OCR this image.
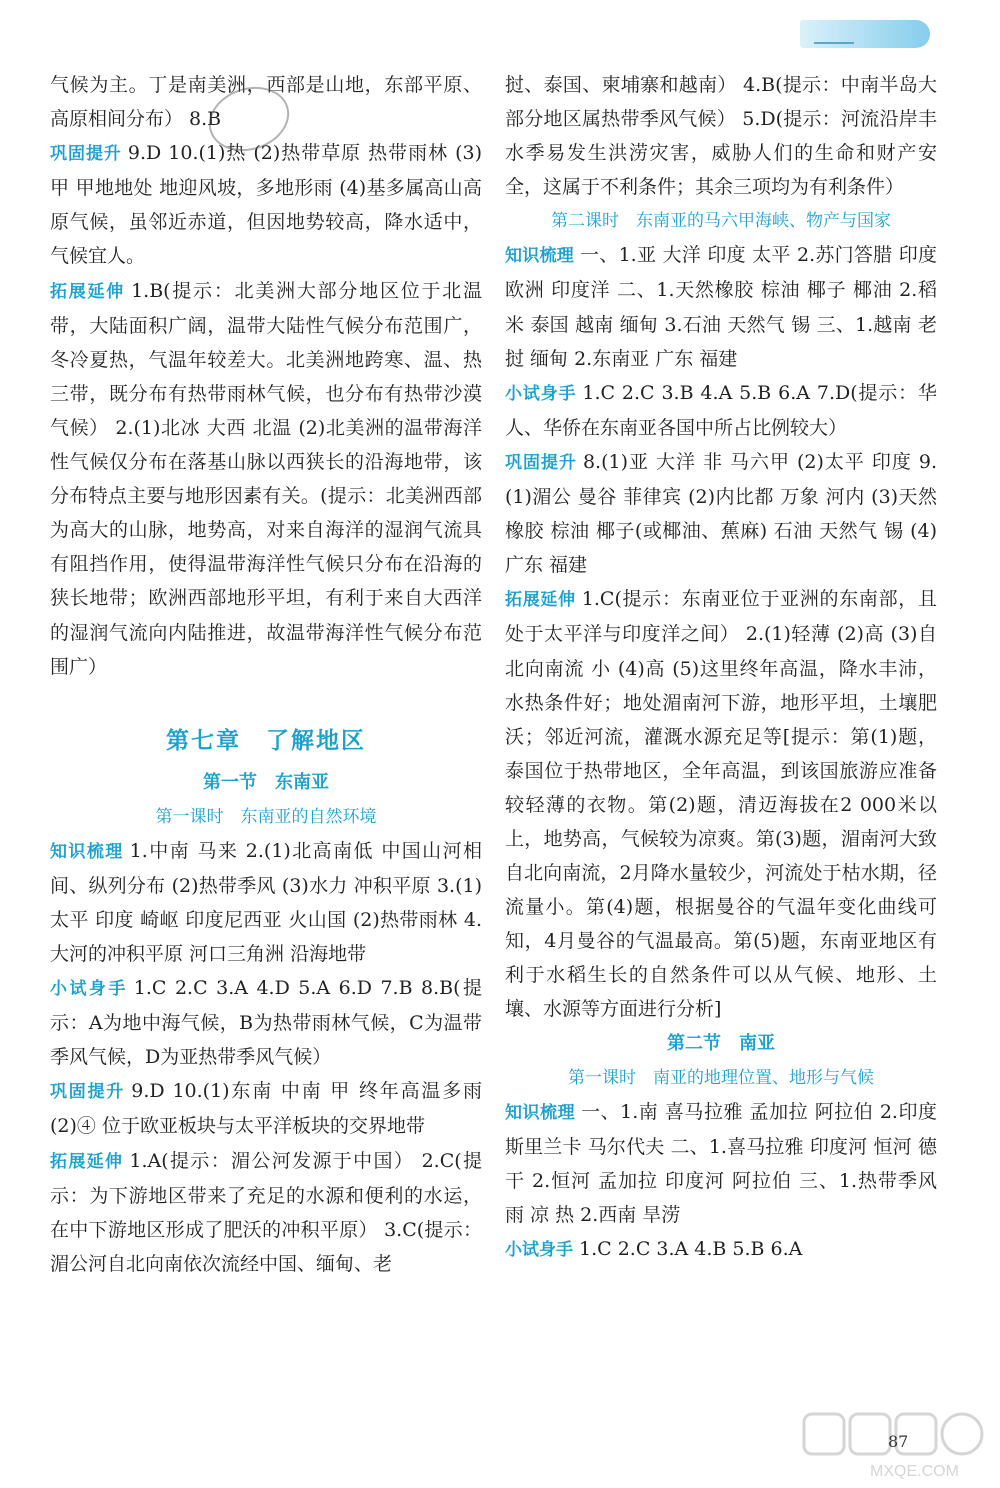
气候为主。丁是南美洲，西部是山地，东部平原、高原相间分布） 8.B

巩固提升 9.D 10.(1)热 (2)热带草原 热带雨林 (3)甲 甲地地处 地迎风坡，多地形雨 (4)基多属高山高原气候，虽邻近赤道，但因地势较高，降水适中，气候宜人。

拓展延伸 1.B(提示：北美洲大部分地区位于北温带，大陆面积广阔，温带大陆性气候分布范围广，冬冷夏热，气温年较差大。北美洲地跨寒、温、热三带，既分布有热带雨林气候，也分布有热带沙漠气候） 2.(1)北冰 大西 北温 (2)北美洲的温带海洋性气候仅分布在落基山脉以西狭长的沿海地带，该分布特点主要与地形因素有关。(提示：北美洲西部为高大的山脉，地势高，对来自海洋的湿润气流具有阻挡作用，使得温带海洋性气候只分布在沿海的狭长地带；欧洲西部地形平坦，有利于来自大西洋的湿润气流向内陆推进，故温带海洋性气候分布范围广）

第七章　了解地区
第一节　东南亚
第一课时　东南亚的自然环境

知识梳理 1.中南 马来 2.(1)北高南低 中国山河相间、纵列分布 (2)热带季风 (3)水力 冲积平原 3.(1)太平 印度 崎岖 印度尼西亚 火山国 (2)热带雨林 4.大河的冲积平原 河口三角洲 沿海地带

小试身手 1.C 2.C 3.A 4.D 5.A 6.D 7.B 8.B(提示：A为地中海气候，B为热带雨林气候，C为温带季风气候，D为亚热带季风气候）

巩固提升 9.D 10.(1)东南 中南 甲 终年高温多雨 (2)④ 位于欧亚板块与太平洋板块的交界地带

拓展延伸 1.A(提示：湄公河发源于中国） 2.C(提示：为下游地区带来了充足的水源和便利的水运，在中下游地区形成了肥沃的冲积平原） 3.C(提示：湄公河自北向南依次流经中国、缅甸、老

挝、泰国、柬埔寨和越南） 4.B(提示：中南半岛大部分地区属热带季风气候） 5.D(提示：河流沿岸丰水季易发生洪涝灾害，威胁人们的生命和财产安全，这属于不利条件；其余三项均为有利条件）

第二课时　东南亚的马六甲海峡、物产与国家

知识梳理 一、1.亚 大洋 印度 太平 2.苏门答腊 印度 欧洲 印度洋 二、1.天然橡胶 棕油 椰子 椰油 2.稻米 泰国 越南 缅甸 3.石油 天然气 锡 三、1.越南 老挝 缅甸 2.东南亚 广东 福建

小试身手 1.C 2.C 3.B 4.A 5.B 6.A 7.D(提示：华人、华侨在东南亚各国中所占比例较大）

巩固提升 8.(1)亚 大洋 非 马六甲 (2)太平 印度 9.(1)湄公 曼谷 菲律宾 (2)内比都 万象 河内 (3)天然橡胶 棕油 椰子(或椰油、蕉麻) 石油 天然气 锡 (4)广东 福建

拓展延伸 1.C(提示：东南亚位于亚洲的东南部，且处于太平洋与印度洋之间） 2.(1)轻薄 (2)高 (3)自北向南流 小 (4)高 (5)这里终年高温，降水丰沛，水热条件好；地处湄南河下游，地形平坦，土壤肥沃；邻近河流，灌溉水源充足等[提示：第(1)题，泰国位于热带地区，全年高温，到该国旅游应准备较轻薄的衣物。第(2)题，清迈海拔在2 000米以上，地势高，气候较为凉爽。第(3)题，湄南河大致自北向南流，2月降水量较少，河流处于枯水期，径流量小。第(4)题，根据曼谷的气温年变化曲线可知，4月曼谷的气温最高。第(5)题，东南亚地区有利于水稻生长的自然条件可以从气候、地形、土壤、水源等方面进行分析]

第二节　南亚
第一课时　南亚的地理位置、地形与气候

知识梳理 一、1.南 喜马拉雅 孟加拉 阿拉伯 2.印度 斯里兰卡 马尔代夫 二、1.喜马拉雅 印度河 恒河 德干 2.恒河 孟加拉 印度河 阿拉伯 三、1.热带季风 雨 凉 热 2.西南 旱涝

小试身手 1.C 2.C 3.A 4.B 5.B 6.A

MXQE.COM
87
